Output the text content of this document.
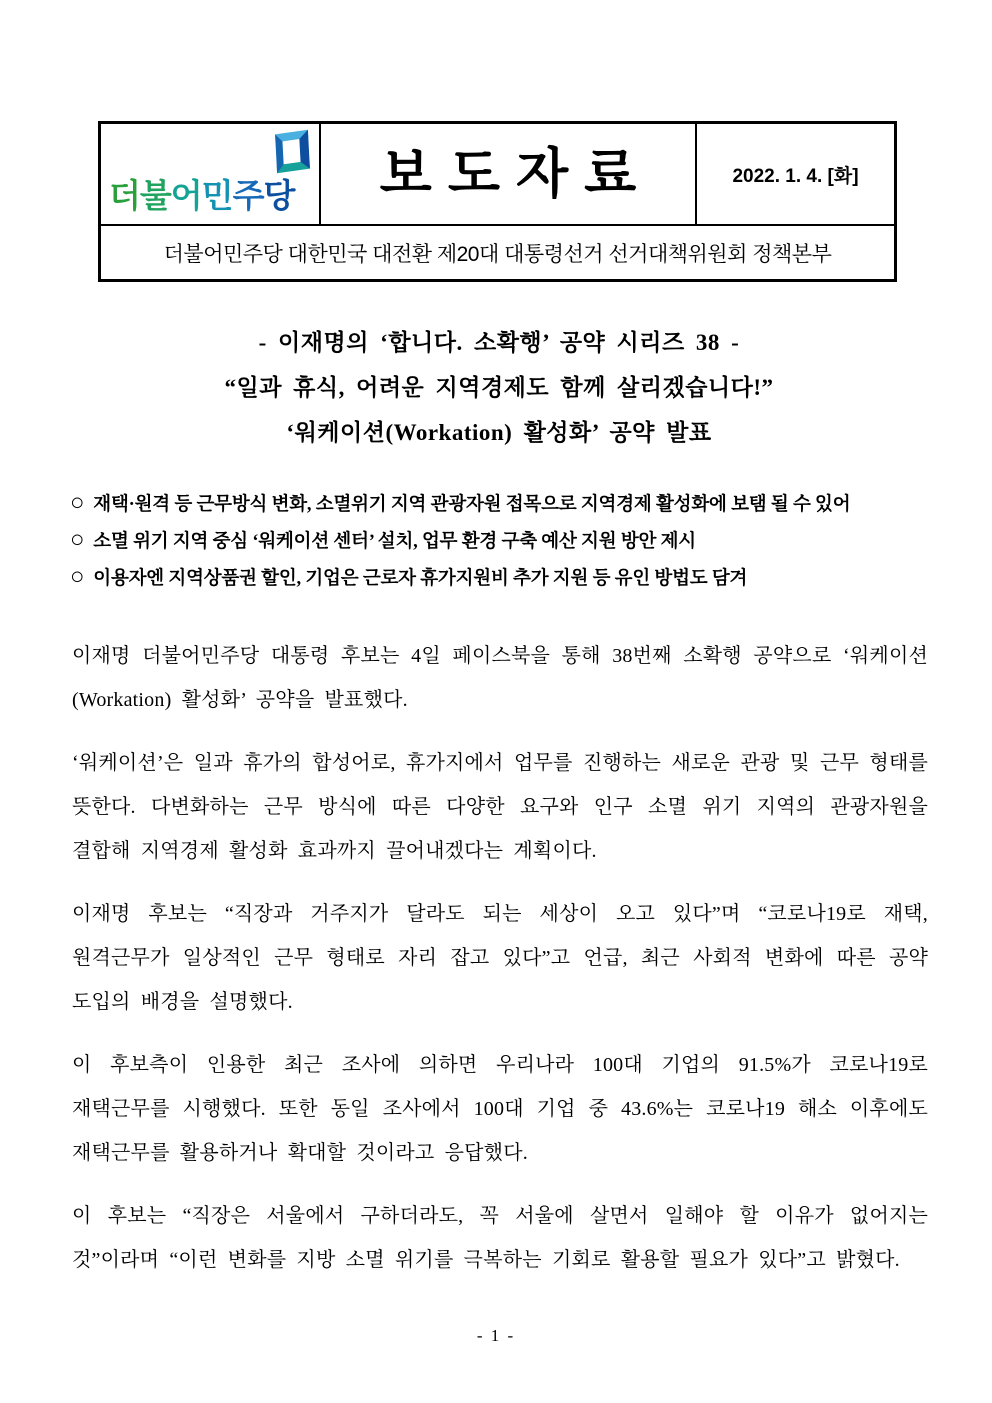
더불어민주당 보도자료	2022. 1. 4. [화]
더불어민주당 대한민국 대전환 제20대 대통령선거 선거대책위원회 정책본부
- 이재명의 ‘합니다. 소확행’ 공약 시리즈 38 -
“일과 휴식, 어려운 지역경제도 함께 살리겠습니다!”
‘워케이션(Workation) 활성화’ 공약 발표
○ 재택·원격 등 근무방식 변화, 소멸위기 지역 관광자원 접목으로 지역경제 활성화에 보탬 될 수 있어
○ 소멸 위기 지역 중심 ‘워케이션 센터’ 설치, 업무 환경 구축 예산 지원 방안 제시
○ 이용자엔 지역상품권 할인, 기업은 근로자 휴가지원비 추가 지원 등 유인 방법도 담겨

이재명 더불어민주당 대통령 후보는 4일 페이스북을 통해 38번째 소확행 공약으로 ‘워케이션(Workation) 활성화’ 공약을 발표했다.

‘워케이션’은 일과 휴가의 합성어로, 휴가지에서 업무를 진행하는 새로운 관광 및 근무 형태를 뜻한다. 다변화하는 근무 방식에 따른 다양한 요구와 인구 소멸 위기 지역의 관광자원을 결합해 지역경제 활성화 효과까지 끌어내겠다는 계획이다.

이재명 후보는 “직장과 거주지가 달라도 되는 세상이 오고 있다”며 “코로나19로 재택, 원격근무가 일상적인 근무 형태로 자리 잡고 있다”고 언급, 최근 사회적 변화에 따른 공약 도입의 배경을 설명했다.

이 후보측이 인용한 최근 조사에 의하면 우리나라 100대 기업의 91.5%가 코로나19로 재택근무를 시행했다. 또한 동일 조사에서 100대 기업 중 43.6%는 코로나19 해소 이후에도 재택근무를 활용하거나 확대할 것이라고 응답했다.

이 후보는 “직장은 서울에서 구하더라도, 꼭 서울에 살면서 일해야 할 이유가 없어지는 것”이라며 “이런 변화를 지방 소멸 위기를 극복하는 기회로 활용할 필요가 있다”고 밝혔다.

- 1 -
